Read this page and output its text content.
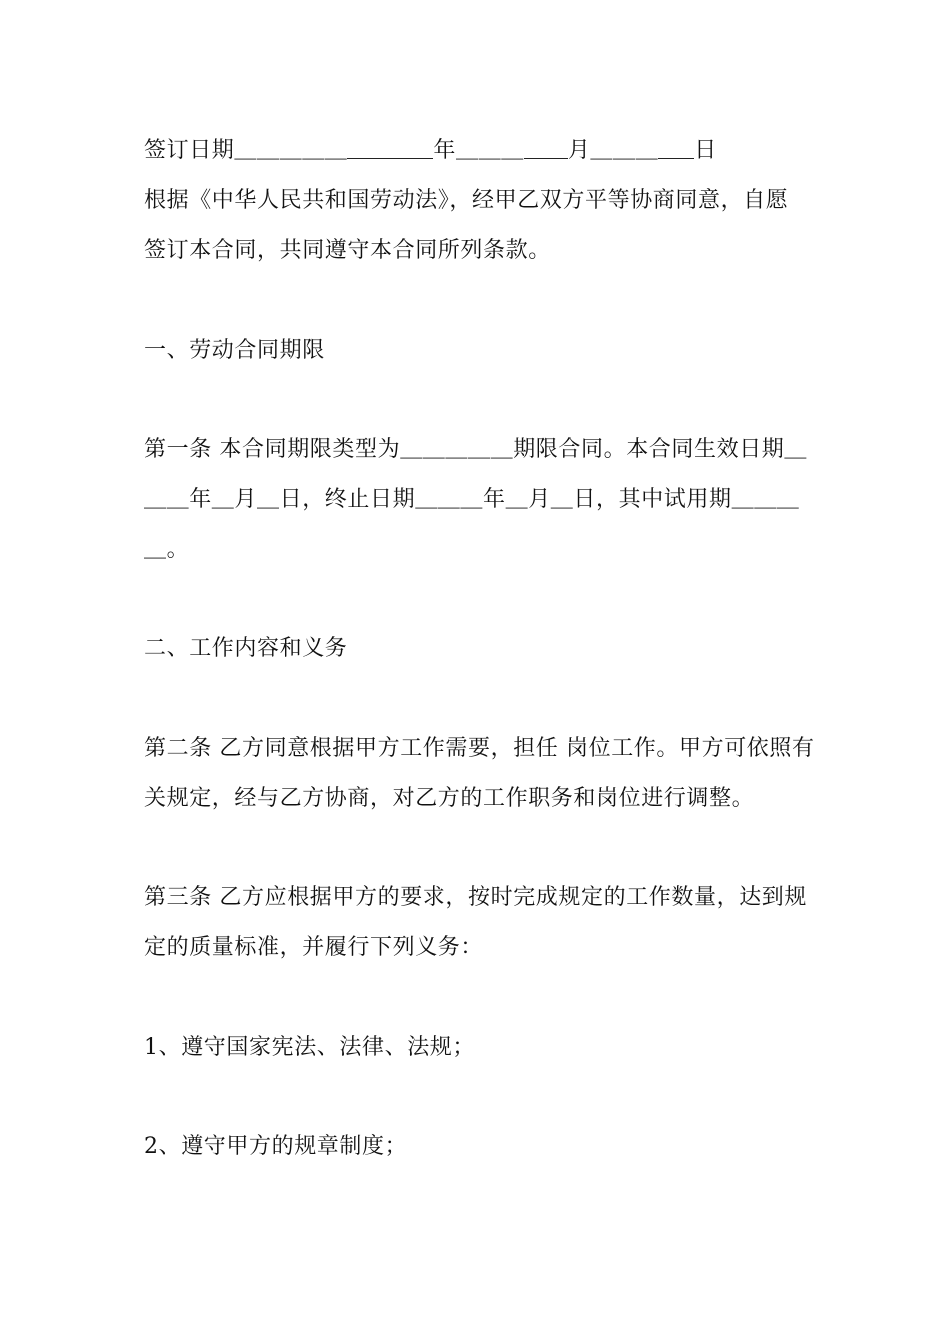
签订日期＿＿＿＿＿	年＿＿＿ 月＿＿＿ 日
根据《中华人民共和国劳动法》，经甲乙双方平等协商同意，自愿
签订本合同，共同遵守本合同所列条款。
一、劳动合同期限
第一条 本合同期限类型为＿＿＿＿＿期限合同。本合同生效日期＿
＿＿年＿月＿日，终止日期＿＿＿年＿月＿日，其中试用期＿＿＿
＿。
二、工作内容和义务
第二条 乙方同意根据甲方工作需要，担任 岗位工作。甲方可依照有
关规定，经与乙方协商，对乙方的工作职务和岗位进行调整。
第三条 乙方应根据甲方的要求，按时完成规定的工作数量，达到规
定的质量标准，并履行下列义务：
1、遵守国家宪法、法律、法规；
2、遵守甲方的规章制度；
